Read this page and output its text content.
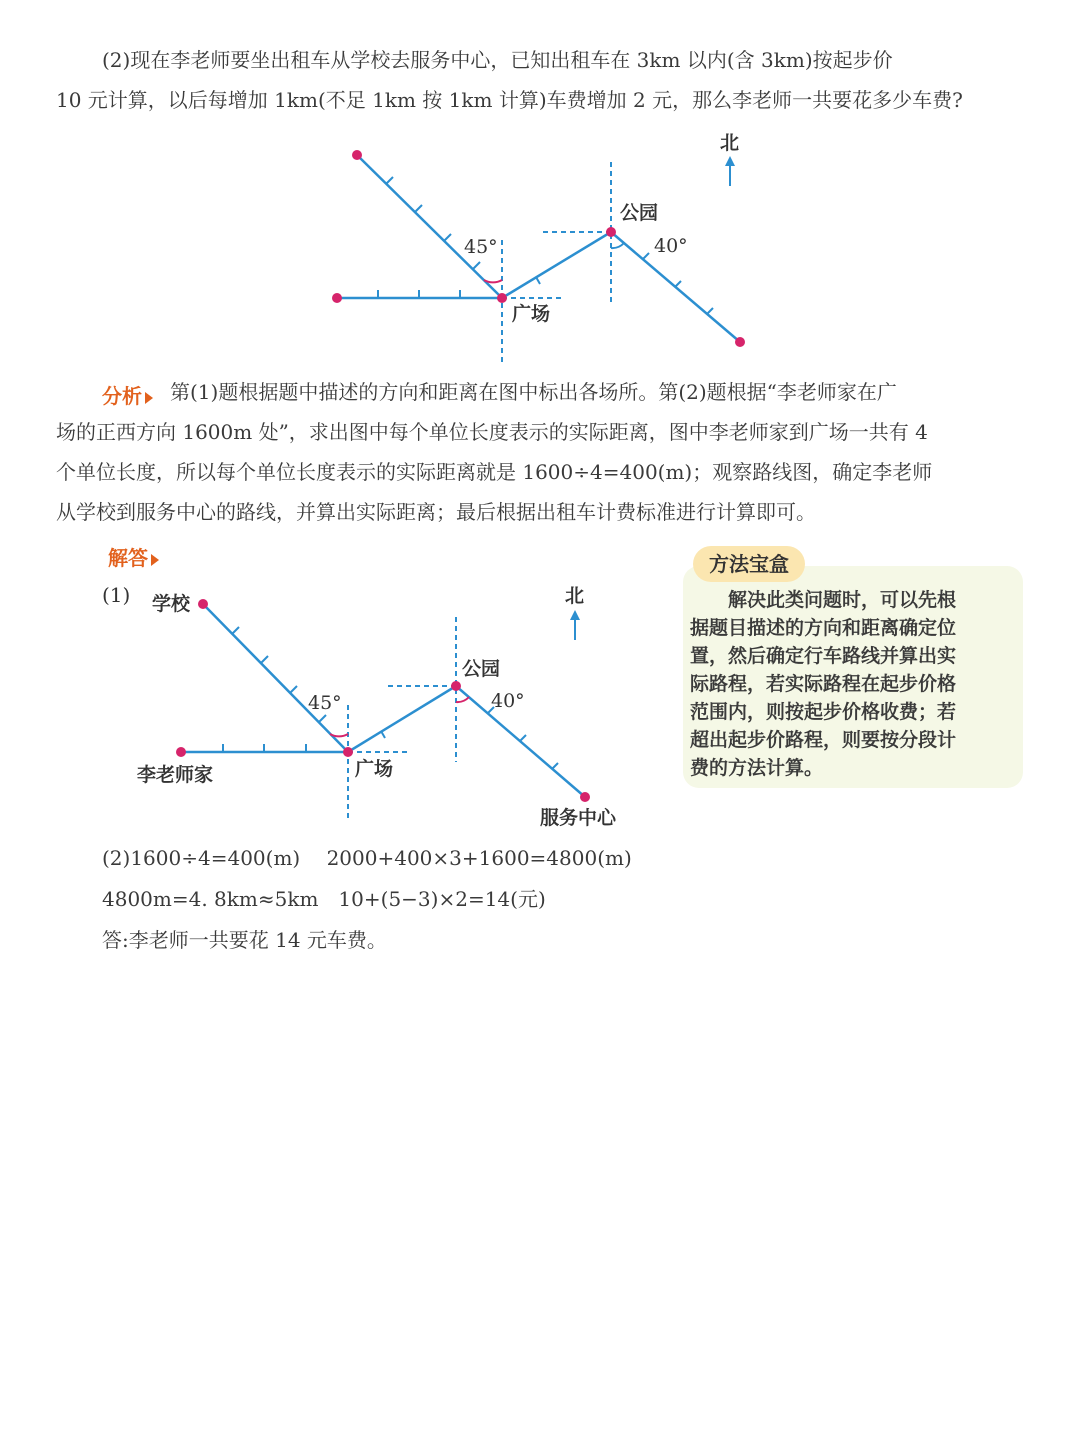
(2)现在李老师要坐出租车从学校去服务中心，已知出租车在 3km 以内(含 3km)按起步价

10 元计算，以后每增加 1km(不足 1km 按 1km 计算)车费增加 2 元，那么李老师一共要花多少车费?

北
公园
广场
45°	40°
分析	第(1)题根据题中描述的方向和距离在图中标出各场所。第(2)题根据“李老师家在广

场的正西方向 1600m 处”，求出图中每个单位长度表示的实际距离，图中李老师家到广场一共有 4

个单位长度，所以每个单位长度表示的实际距离就是 1600÷4=400(m)；观察路线图，确定李老师

从学校到服务中心的路线，并算出实际距离；最后根据出租车计费标准进行计算即可。

解答
(1)	北
学校
公园
广场
李老师家
服务中心
45°	40°
方法宝盒

　　解决此类问题时，可以先根

据题目描述的方向和距离确定位

置，然后确定行车路线并算出实

际路程，若实际路程在起步价格

范围内，则按起步价格收费；若

超出起步价路程，则要按分段计

费的方法计算。

(2)1600÷4=400(m)　 2000+400×3+1600=4800(m)
4800m=4. 8km≈5km　10+(5−3)×2=14(元)
答:李老师一共要花 14 元车费。
